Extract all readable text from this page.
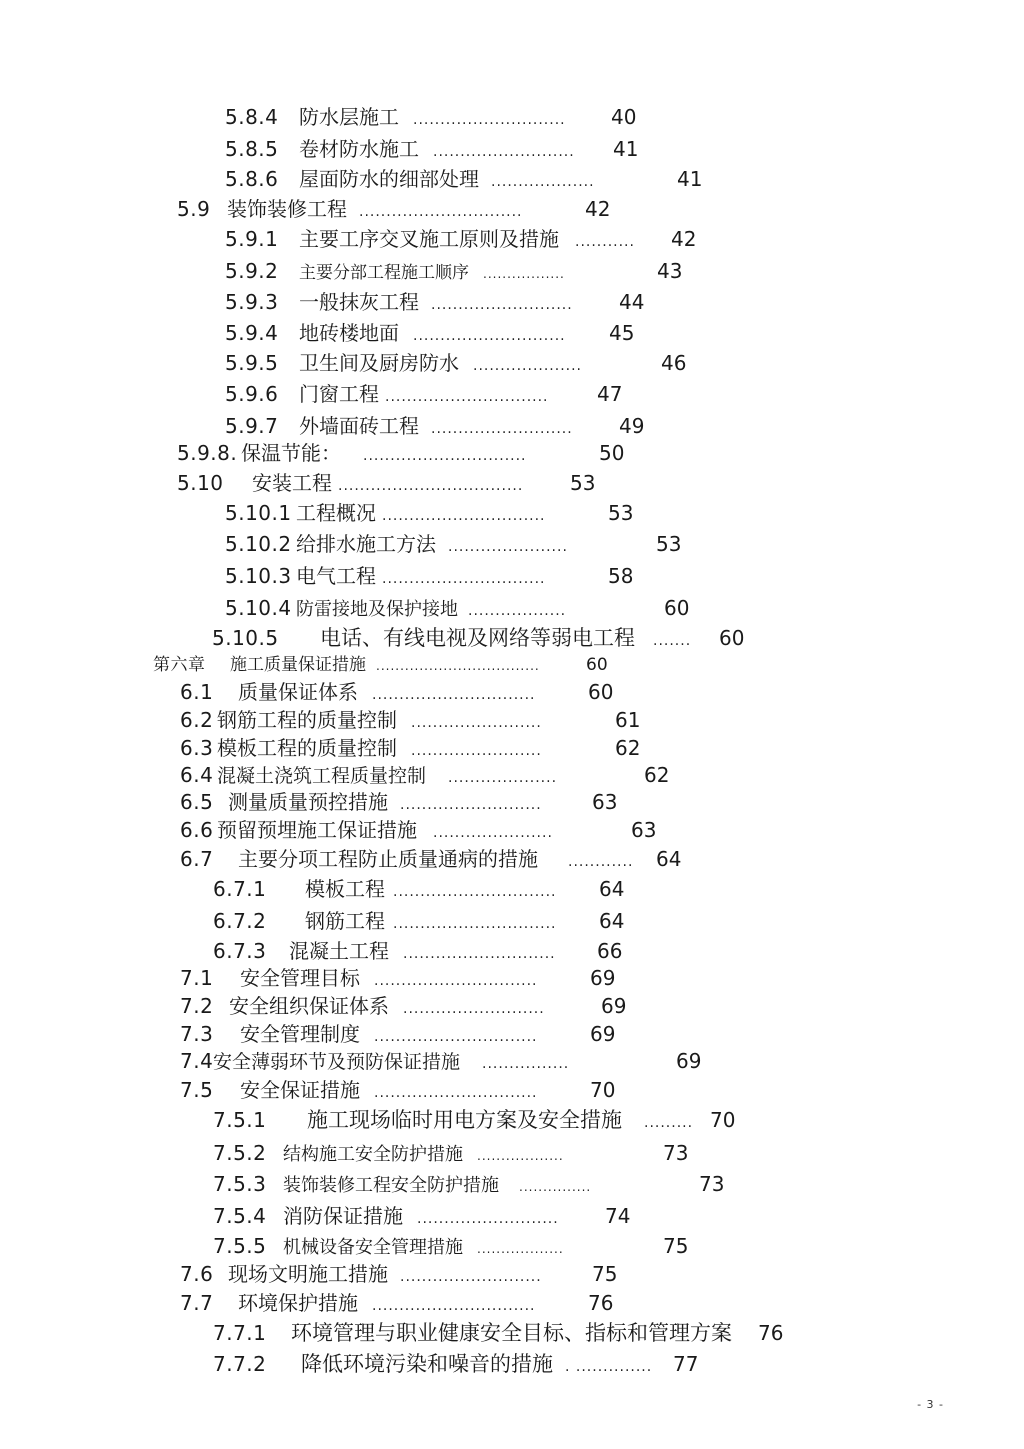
5.8.4	防水层施工 ............................	40
5.8.5	卷材防水施工 ..........................	41
5.8.6	屋面防水的细部处理 ...................	41
5.9 装饰装修工程 ..............................	42
5.9.1	主要工序交叉施工原则及措施 ...........	42
5.9.2	主要分部工程施工顺序 .................	43
5.9.3	一般抹灰工程 ..........................	44
5.9.4	地砖楼地面 ............................	45
5.9.5	卫生间及厨房防水 ....................	46
5.9.6	门窗工程 ..............................	47
5.9.7	外墙面砖工程 ..........................	49
5.9.8. 保温节能： ..............................	50
5.10	安装工程 ..................................	53
5.10.1 工程概况 ..............................	53
5.10.2 给排水施工方法 ......................	53
5.10.3 电气工程 ..............................	58
5.10.4 防雷接地及保护接地 ..................	60
5.10.5	电话、有线电视及网络等弱电工程 .......	60
第六章	施工质量保证措施 ..................................	60
6.1	质量保证体系 ..............................	60
6.2 钢筋工程的质量控制 ........................	61
6.3 模板工程的质量控制 ........................	62
6.4 混凝土浇筑工程质量控制 ....................	62
6.5 测量质量预控措施 ..........................	63
6.6 预留预埋施工保证措施 ......................	63
6.7	主要分项工程防止质量通病的措施 ............	64
6.7.1	模板工程 ..............................	64
6.7.2	钢筋工程 ..............................	64
6.7.3	混凝土工程 ............................	66
7.1	安全管理目标 ..............................	69
7.2 安全组织保证体系 ..........................	69
7.3	安全管理制度 ..............................	69
7.4 安全薄弱环节及预防保证措施 ................	69
7.5	安全保证措施 ..............................	70
7.5.1	施工现场临时用电方案及安全措施 ......... 70
7.5.2 结构施工安全防护措施 ..................	73
7.5.3 装饰装修工程安全防护措施 ...............	73
7.5.4 消防保证措施 ..........................	74
7.5.5 机械设备安全管理措施 ..................	75
7.6 现场文明施工措施 ..........................	75
7.7	环境保护措施 ..............................	76
7.7.1	环境管理与职业健康安全目标、指标和管理方案 76
7.7.2	降低环境污染和噪音的措施 . ..............	77
- 3 -
